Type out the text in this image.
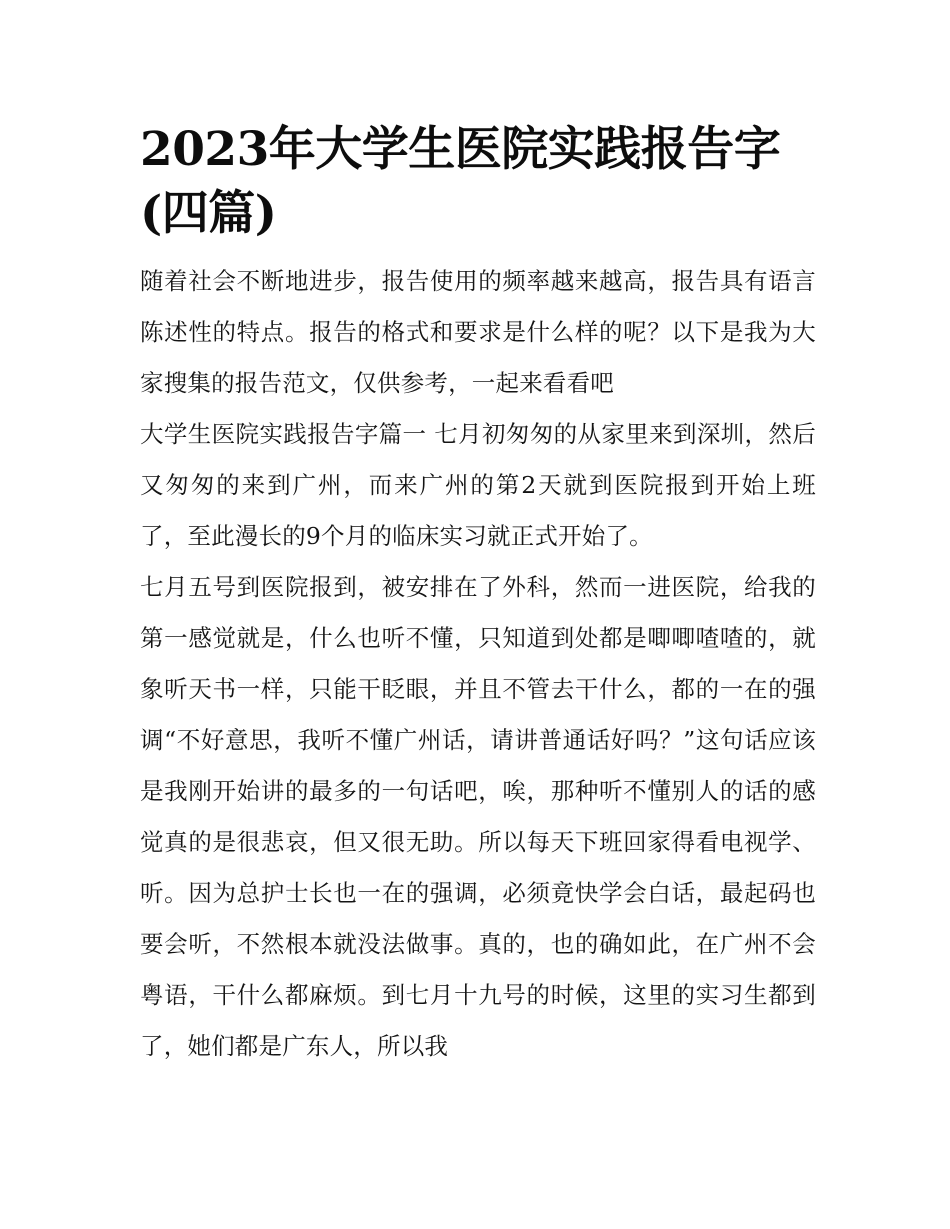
2023年大学生医院实践报告字(四篇)

随着社会不断地进步，报告使用的频率越来越高，报告具有语言陈述性的特点。报告的格式和要求是什么样的呢？以下是我为大家搜集的报告范文，仅供参考，一起来看看吧

大学生医院实践报告字篇一 七月初匆匆的从家里来到深圳，然后又匆匆的来到广州，而来广州的第2天就到医院报到开始上班了，至此漫长的9个月的临床实习就正式开始了。

七月五号到医院报到，被安排在了外科，然而一进医院，给我的第一感觉就是，什么也听不懂，只知道到处都是唧唧喳喳的，就象听天书一样，只能干眨眼，并且不管去干什么，都的一在的强调“不好意思，我听不懂广州话，请讲普通话好吗？”这句话应该是我刚开始讲的最多的一句话吧，唉，那种听不懂别人的话的感觉真的是很悲哀，但又很无助。所以每天下班回家得看电视学、听。因为总护士长也一在的强调，必须竟快学会白话，最起码也要会听，不然根本就没法做事。真的，也的确如此，在广州不会粤语，干什么都麻烦。到七月十九号的时候，这里的实习生都到了，她们都是广东人，所以我
